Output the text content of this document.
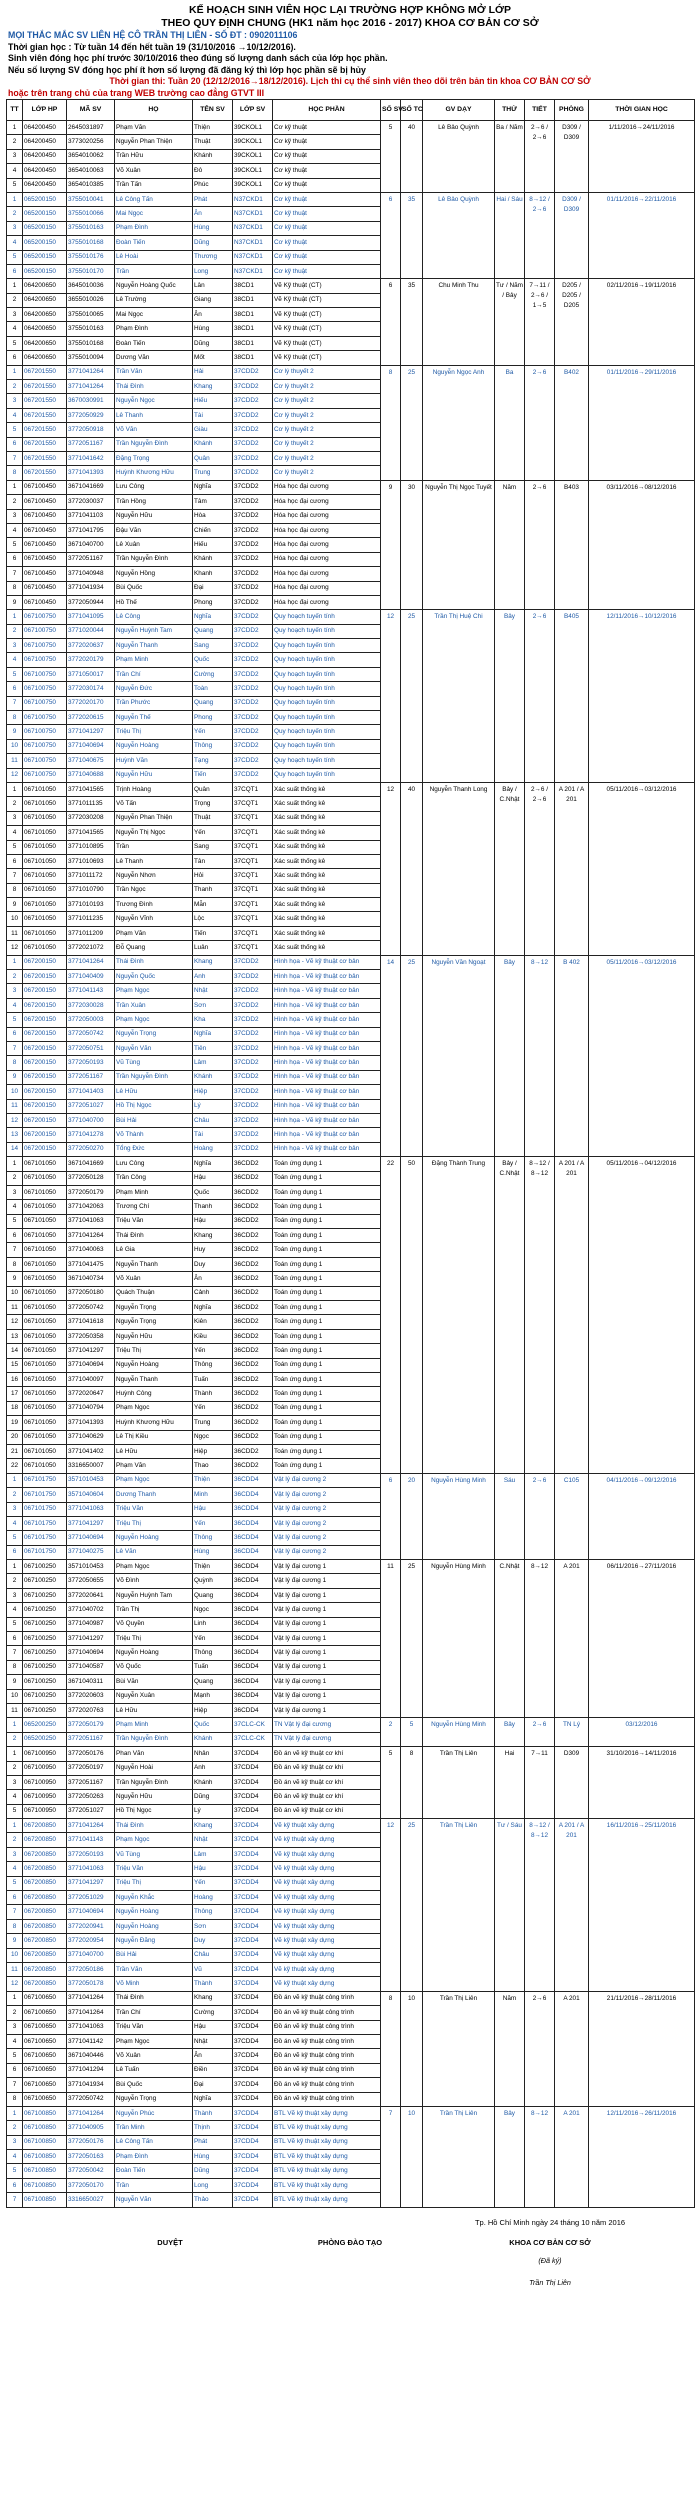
KẾ HOẠCH SINH VIÊN HỌC LẠI TRƯỜNG HỢP KHÔNG MỞ LỚP
THEO QUY ĐỊNH CHUNG (HK1 năm học 2016 - 2017) KHOA CƠ BẢN CƠ SỞ
MỌI THẮC MẮC SV LIÊN HỆ CÔ TRẦN THỊ LIÊN - SỐ ĐT : 0902011106
Thời gian học : Từ tuần 14 đến hết tuần 19 (31/10/2016 →10/12/2016).
Sinh viên đóng học phí trước 30/10/2016 theo đúng số lượng danh sách của lớp học phần.
Nếu số lượng SV đóng học phí ít hơn số lượng đã đăng ký thì lớp học phần sẽ bị hủy
Thời gian thi: Tuần 20 (12/12/2016→18/12/2016). Lịch thi cụ thể sinh viên theo dõi trên bản tin khoa CƠ BẢN CƠ SỞ
hoặc trên trang chủ của trang WEB trường cao đẳng GTVT III
TT	LỚP HP	MÃ SV	HỌ	TÊN SV	LỚP SV	HỌC PHẦN	SỐ SV	SỐ TC	GV DẠY	THỨ	TIẾT	PHÒNG	THỜI GIAN HỌC
1	064200450	2645031897	Phạm Văn	Thiện	39CKOL1	Cơ kỹ thuật	5	40	Lê Bảo Quỳnh	Ba / Năm	2→6 / 2→6	D309 / D309	1/11/2016→24/11/2016
2	064200450	3773020256	Nguyễn Phan Thiện	Thuật	39CKOL1	Cơ kỹ thuật							
3	064200450	3654010062	Trần Hữu	Khánh	39CKOL1	Cơ kỹ thuật							
4	064200450	3654010063	Võ Xuân	Đô	39CKOL1	Cơ kỹ thuật							
5	064200450	3654010385	Trần Tấn	Phúc	39CKOL1	Cơ kỹ thuật							
1	065200150	3755010041	Lê Công Tấn	Phát	N37CKD1	Cơ kỹ thuật	6	35	Lê Bảo Quỳnh	Hai / Sáu	8→12 / 2→6	D309 / D309	01/11/2016→22/11/2016
2	065200150	3755010066	Mai Ngọc	Ân	N37CKD1	Cơ kỹ thuật							
3	065200150	3755010163	Phạm Đình	Hùng	N37CKD1	Cơ kỹ thuật							
4	065200150	3755010168	Đoàn Tiến	Dũng	N37CKD1	Cơ kỹ thuật							
5	065200150	3755010176	Lê Hoài	Thương	N37CKD1	Cơ kỹ thuật							
6	065200150	3755010170	Trần	Long	N37CKD1	Cơ kỹ thuật							
1	064200650	3645010036	Nguyễn Hoàng Quốc	Lân	38CD1	Vẽ Kỹ thuật (CT)	6	35	Chu Minh Thu	Tư / Năm / Bảy	7→11 / 2→6 / 1→5	D205 / D205 / D205	02/11/2016→19/11/2016
2	064200650	3655010026	Lê Trường	Giang	38CD1	Vẽ Kỹ thuật (CT)							
3	064200650	3755010065	Mai Ngọc	Ân	38CD1	Vẽ Kỹ thuật (CT)							
4	064200650	3755010163	Phạm Đình	Hùng	38CD1	Vẽ Kỹ thuật (CT)							
5	064200650	3755010168	Đoàn Tiến	Dũng	38CD1	Vẽ Kỹ thuật (CT)							
6	064200650	3755010094	Dương Văn	Mốt	38CD1	Vẽ Kỹ thuật (CT)							
1	067201550	3771041264	Trần Văn	Hải	37CDD2	Cơ lý thuyết 2	8	25	Nguyễn Ngọc Anh	Ba	2→6	B402	01/11/2016→29/11/2016
2	067201550	3771041264	Thái Đình	Khang	37CDD2	Cơ lý thuyết 2							
3	067201550	3670030991	Nguyễn Ngọc	Hiếu	37CDD2	Cơ lý thuyết 2							
4	067201550	3772050929	Lê Thanh	Tài	37CDD2	Cơ lý thuyết 2							
5	067201550	3772050918	Võ Văn	Giàu	37CDD2	Cơ lý thuyết 2							
6	067201550	3772051167	Trần Nguyễn Đình	Khánh	37CDD2	Cơ lý thuyết 2							
7	067201550	3771041642	Đặng Trọng	Quân	37CDD2	Cơ lý thuyết 2							
8	067201550	3771041393	Huỳnh Khương Hữu	Trung	37CDD2	Cơ lý thuyết 2							
1	067100450	3671041669	Lưu Công	Nghĩa	37CDD2	Hóa học đại cương	9	30	Nguyễn Thị Ngọc Tuyết	Năm	2→6	B403	03/11/2016→08/12/2016
2	067100450	3772030037	Trần Hồng	Tâm	37CDD2	Hóa học đại cương							
3	067100450	3771041103	Nguyễn Hữu	Hòa	37CDD2	Hóa học đại cương							
4	067100450	3771041795	Đậu Văn	Chiến	37CDD2	Hóa học đại cương							
5	067100450	3671040700	Lê Xuân	Hiếu	37CDD2	Hóa học đại cương							
6	067100450	3772051167	Trần Nguyễn Đình	Khánh	37CDD2	Hóa học đại cương							
7	067100450	3771040948	Nguyễn Hồng	Khanh	37CDD2	Hóa học đại cương							
8	067100450	3771041934	Bùi Quốc	Đại	37CDD2	Hóa học đại cương							
9	067100450	3772050944	Hồ Thế	Phong	37CDD2	Hóa học đại cương							
1	067100750	3771041095	Lê Công	Nghĩa	37CDD2	Quy hoạch tuyến tính	12	25	Trần Thị Huệ Chi	Bảy	2→6	B405	12/11/2016→10/12/2016
2	067100750	3771020044	Nguyễn Huỳnh Tam	Quang	37CDD2	Quy hoạch tuyến tính							
3	067100750	3772020637	Nguyễn Thanh	Sang	37CDD2	Quy hoạch tuyến tính							
4	067100750	3772020179	Phạm Minh	Quốc	37CDD2	Quy hoạch tuyến tính							
5	067100750	3771050017	Trần Chí	Cường	37CDD2	Quy hoạch tuyến tính							
6	067100750	3772030174	Nguyễn Đức	Toàn	37CDD2	Quy hoạch tuyến tính							
7	067100750	3772020170	Trần Phước	Quang	37CDD2	Quy hoạch tuyến tính							
8	067100750	3772020615	Nguyễn Thế	Phong	37CDD2	Quy hoạch tuyến tính							
9	067100750	3771041297	Triệu Thị	Yến	37CDD2	Quy hoạch tuyến tính							
10	067100750	3771040694	Nguyễn Hoàng	Thông	37CDD2	Quy hoạch tuyến tính							
11	067100750	3771040675	Huỳnh Văn	Tạng	37CDD2	Quy hoạch tuyến tính							
12	067100750	3771040688	Nguyễn Hữu	Tiến	37CDD2	Quy hoạch tuyến tính							
1	067101050	3771041565	Trịnh Hoàng	Quân	37CQT1	Xác suất thống kê	12	40	Nguyễn Thanh Long	Bảy / C.Nhật	2→6 / 2→6	A 201 / A 201	05/11/2016→03/12/2016
2	067101050	3771011135	Võ Tấn	Trọng	37CQT1	Xác suất thống kê							
3	067101050	3772030208	Nguyễn Phan Thiện	Thuật	37CQT1	Xác suất thống kê							
4	067101050	3771041565	Nguyễn Thị Ngọc	Yến	37CQT1	Xác suất thống kê							
5	067101050	3771010895	Trần	Sang	37CQT1	Xác suất thống kê							
6	067101050	3771010693	Lê Thanh	Tân	37CQT1	Xác suất thống kê							
7	067101050	3771011172	Nguyễn Nhơn	Hỏi	37CQT1	Xác suất thống kê							
8	067101050	3771010790	Trần Ngọc	Thanh	37CQT1	Xác suất thống kê							
9	067101050	3771010193	Trương Đình	Mẫn	37CQT1	Xác suất thống kê							
10	067101050	3771011235	Nguyễn Vĩnh	Lộc	37CQT1	Xác suất thống kê							
11	067101050	3771011209	Phạm Văn	Tiến	37CQT1	Xác suất thống kê							
12	067101050	3772021072	Đỗ Quang	Luân	37CQT1	Xác suất thống kê							
1	067200150	3771041264	Thái Đình	Khang	37CDD2	Hình họa - Vẽ kỹ thuật cơ bản	14	25	Nguyễn Văn Ngoạt	Bảy	8→12	B 402	05/11/2016→03/12/2016
2	067200150	3771040409	Nguyễn Quốc	Anh	37CDD2	Hình họa - Vẽ kỹ thuật cơ bản							
3	067200150	3771041143	Phạm Ngọc	Nhật	37CDD2	Hình họa - Vẽ kỹ thuật cơ bản							
4	067200150	3772030028	Trần Xuân	Sơn	37CDD2	Hình họa - Vẽ kỹ thuật cơ bản							
5	067200150	3772050003	Phạm Ngọc	Kha	37CDD2	Hình họa - Vẽ kỹ thuật cơ bản							
6	067200150	3772050742	Nguyễn Trọng	Nghĩa	37CDD2	Hình họa - Vẽ kỹ thuật cơ bản							
7	067200150	3772050751	Nguyễn Văn	Tiên	37CDD2	Hình họa - Vẽ kỹ thuật cơ bản							
8	067200150	3772050193	Vũ Tùng	Lâm	37CDD2	Hình họa - Vẽ kỹ thuật cơ bản							
9	067200150	3772051167	Trần Nguyễn Đình	Khánh	37CDD2	Hình họa - Vẽ kỹ thuật cơ bản							
10	067200150	3771041403	Lê Hữu	Hiệp	37CDD2	Hình họa - Vẽ kỹ thuật cơ bản							
11	067200150	3772051027	Hồ Thị Ngọc	Lý	37CDD2	Hình họa - Vẽ kỹ thuật cơ bản							
12	067200150	3771040700	Bùi Hải	Châu	37CDD2	Hình họa - Vẽ kỹ thuật cơ bản							
13	067200150	3771041278	Võ Thành	Tài	37CDD2	Hình họa - Vẽ kỹ thuật cơ bản							
14	067200150	3772050270	Tổng Đức	Hoàng	37CDD2	Hình họa - Vẽ kỹ thuật cơ bản							
1	067101050	3671041669	Lưu Công	Nghĩa	36CDD2	Toán ứng dụng 1	22	50	Đặng Thành Trung	Bảy / C.Nhật	8→12 / 8→12	A 201 / A 201	05/11/2016→04/12/2016
2	067101050	3772050128	Trần Công	Hậu	36CDD2	Toán ứng dụng 1							
3	067101050	3772050179	Phạm Minh	Quốc	36CDD2	Toán ứng dụng 1							
4	067101050	3771042063	Trương Chí	Thanh	36CDD2	Toán ứng dụng 1							
5	067101050	3771041063	Triệu Văn	Hậu	36CDD2	Toán ứng dụng 1							
6	067101050	3771041264	Thái Đình	Khang	36CDD2	Toán ứng dụng 1							
7	067101050	3771040063	Lê Gia	Huy	36CDD2	Toán ứng dụng 1							
8	067101050	3771041475	Nguyễn Thanh	Duy	36CDD2	Toán ứng dụng 1							
9	067101050	3671040734	Võ Xuân	Ân	36CDD2	Toán ứng dụng 1							
10	067101050	3772050180	Quách Thuận	Cảnh	36CDD2	Toán ứng dụng 1							
11	067101050	3772050742	Nguyễn Trọng	Nghĩa	36CDD2	Toán ứng dụng 1							
12	067101050	3771041618	Nguyễn Trọng	Kiên	36CDD2	Toán ứng dụng 1							
13	067101050	3772050358	Nguyễn Hữu	Kiều	36CDD2	Toán ứng dụng 1							
14	067101050	3771041297	Triệu Thị	Yến	36CDD2	Toán ứng dụng 1							
15	067101050	3771040694	Nguyễn Hoàng	Thông	36CDD2	Toán ứng dụng 1							
16	067101050	3771040097	Nguyễn Thanh	Tuấn	36CDD2	Toán ứng dụng 1							
17	067101050	3772020647	Huỳnh Công	Thành	36CDD2	Toán ứng dụng 1							
18	067101050	3771040794	Phạm Ngọc	Yến	36CDD2	Toán ứng dụng 1							
19	067101050	3771041393	Huỳnh Khương Hữu	Trung	36CDD2	Toán ứng dụng 1							
20	067101050	3771040629	Lê Thị Kiều	Ngọc	36CDD2	Toán ứng dụng 1							
21	067101050	3771041402	Lê Hữu	Hiệp	36CDD2	Toán ứng dụng 1							
22	067101050	3316650007	Phạm Văn	Thao	36CDD2	Toán ứng dụng 1							
1	067101750	3571010453	Phạm Ngọc	Thiện	36CDD4	Vật lý đại cương 2	6	20	Nguyễn Hùng Minh	Sáu	2→6	C105	04/11/2016→09/12/2016
2	067101750	3571040604	Dương Thanh	Minh	36CDD4	Vật lý đại cương 2							
3	067101750	3771041063	Triệu Văn	Hậu	36CDD4	Vật lý đại cương 2							
4	067101750	3771041297	Triệu Thị	Yến	36CDD4	Vật lý đại cương 2							
5	067101750	3771040694	Nguyễn Hoàng	Thông	36CDD4	Vật lý đại cương 2							
6	067101750	3771040275	Lê Văn	Hùng	36CDD4	Vật lý đại cương 2							
1	067100250	3571010453	Phạm Ngọc	Thiện	36CDD4	Vật lý đại cương 1	11	25	Nguyễn Hùng Minh	C.Nhật	8→12	A 201	06/11/2016→27/11/2016
2	067100250	3772050655	Võ Đình	Quỳnh	36CDD4	Vật lý đại cương 1							
3	067100250	3772020641	Nguyễn Huỳnh Tam	Quang	36CDD4	Vật lý đại cương 1							
4	067100250	3771040702	Trần Thị	Ngọc	36CDD4	Vật lý đại cương 1							
5	067100250	3771040987	Võ Quyền	Linh	36CDD4	Vật lý đại cương 1							
6	067100250	3771041297	Triệu Thị	Yến	36CDD4	Vật lý đại cương 1							
7	067100250	3771040694	Nguyễn Hoàng	Thông	36CDD4	Vật lý đại cương 1							
8	067100250	3771040587	Võ Quốc	Tuấn	36CDD4	Vật lý đại cương 1							
9	067100250	3671040311	Bùi Văn	Quang	36CDD4	Vật lý đại cương 1							
10	067100250	3772020603	Nguyễn Xuân	Mạnh	36CDD4	Vật lý đại cương 1							
11	067100250	3772020763	Lê Hữu	Hiệp	36CDD4	Vật lý đại cương 1							
1	065200250	3772050179	Phạm Minh	Quốc	37CLC-CK	TN Vật lý đại cương	2	5	Nguyễn Hùng Minh	Bảy	2→6	TN Lý	03/12/2016
2	065200250	3772051167	Trần Nguyễn Đình	Khánh	37CLC-CK	TN Vật lý đại cương							
1	067100950	3772050176	Phan Văn	Nhân	37CDD4	Đồ án vẽ kỹ thuật cơ khí	5	8	Trần Thị Liên	Hai	7→11	D309	31/10/2016→14/11/2016
2	067100950	3772050197	Nguyễn Hoài	Anh	37CDD4	Đồ án vẽ kỹ thuật cơ khí							
3	067100950	3772051167	Trần Nguyễn Đình	Khánh	37CDD4	Đồ án vẽ kỹ thuật cơ khí							
4	067100950	3772050263	Nguyễn Hữu	Dũng	37CDD4	Đồ án vẽ kỹ thuật cơ khí							
5	067100950	3772051027	Hồ Thị Ngọc	Lý	37CDD4	Đồ án vẽ kỹ thuật cơ khí							
1	067200850	3771041264	Thái Đình	Khang	37CDD4	Vẽ kỹ thuật xây dựng	12	25	Trần Thị Liên	Tư / Sáu	8→12 / 8→12	A 201 / A 201	16/11/2016→25/11/2016
2	067200850	3771041143	Phạm Ngọc	Nhật	37CDD4	Vẽ kỹ thuật xây dựng							
3	067200850	3772050193	Vũ Tùng	Lâm	37CDD4	Vẽ kỹ thuật xây dựng							
4	067200850	3771041063	Triệu Văn	Hậu	37CDD4	Vẽ kỹ thuật xây dựng							
5	067200850	3771041297	Triệu Thị	Yến	37CDD4	Vẽ kỹ thuật xây dựng							
6	067200850	3772051029	Nguyễn Khắc	Hoàng	37CDD4	Vẽ kỹ thuật xây dựng							
7	067200850	3771040694	Nguyễn Hoàng	Thông	37CDD4	Vẽ kỹ thuật xây dựng							
8	067200850	3772020941	Nguyễn Hoàng	Sơn	37CDD4	Vẽ kỹ thuật xây dựng							
9	067200850	3772020954	Nguyễn Đăng	Duy	37CDD4	Vẽ kỹ thuật xây dựng							
10	067200850	3771040700	Bùi Hải	Châu	37CDD4	Vẽ kỹ thuật xây dựng							
11	067200850	3772050186	Trần Văn	Vũ	37CDD4	Vẽ kỹ thuật xây dựng							
12	067200850	3772050178	Võ Minh	Thành	37CDD4	Vẽ kỹ thuật xây dựng							
1	067100650	3771041264	Thái Đình	Khang	37CDD4	Đồ án vẽ kỹ thuật công trình	8	10	Trần Thị Liên	Năm	2→6	A 201	21/11/2016→28/11/2016
2	067100650	3771041264	Trần Chí	Cường	37CDD4	Đồ án vẽ kỹ thuật công trình							
3	067100650	3771041063	Triệu Văn	Hậu	37CDD4	Đồ án vẽ kỹ thuật công trình							
4	067100650	3771041142	Phạm Ngọc	Nhật	37CDD4	Đồ án vẽ kỹ thuật công trình							
5	067100650	3671040446	Võ Xuân	Ân	37CDD4	Đồ án vẽ kỹ thuật công trình							
6	067100650	3771041294	Lê Tuấn	Điền	37CDD4	Đồ án vẽ kỹ thuật công trình							
7	067100650	3771041934	Bùi Quốc	Đại	37CDD4	Đồ án vẽ kỹ thuật công trình							
8	067100650	3772050742	Nguyễn Trọng	Nghĩa	37CDD4	Đồ án vẽ kỹ thuật công trình							
1	067100850	3771041264	Nguyễn Phúc	Thành	37CDD4	BTL Vẽ kỹ thuật xây dựng	7	10	Trần Thị Liên	Bảy	8→12	A 201	12/11/2016→26/11/2016
2	067100850	3771040905	Trần Minh	Thịnh	37CDD4	BTL Vẽ kỹ thuật xây dựng							
3	067100850	3772050176	Lê Công Tấn	Phát	37CDD4	BTL Vẽ kỹ thuật xây dựng							
4	067100850	3772050163	Phạm Đình	Hùng	37CDD4	BTL Vẽ kỹ thuật xây dựng							
5	067100850	3772050042	Đoàn Tiến	Dũng	37CDD4	BTL Vẽ kỹ thuật xây dựng							
6	067100850	3772050170	Trần	Long	37CDD4	BTL Vẽ kỹ thuật xây dựng							
7	067100850	3316650027	Nguyễn Văn	Thảo	37CDD4	BTL Vẽ kỹ thuật xây dựng							
Tp. Hồ Chí Minh ngày 24 tháng 10 năm 2016
DUYỆT	PHÒNG ĐÀO TẠO	KHOA CƠ BẢN CƠ SỞ
(Đã ký)
Trần Thị Liên
